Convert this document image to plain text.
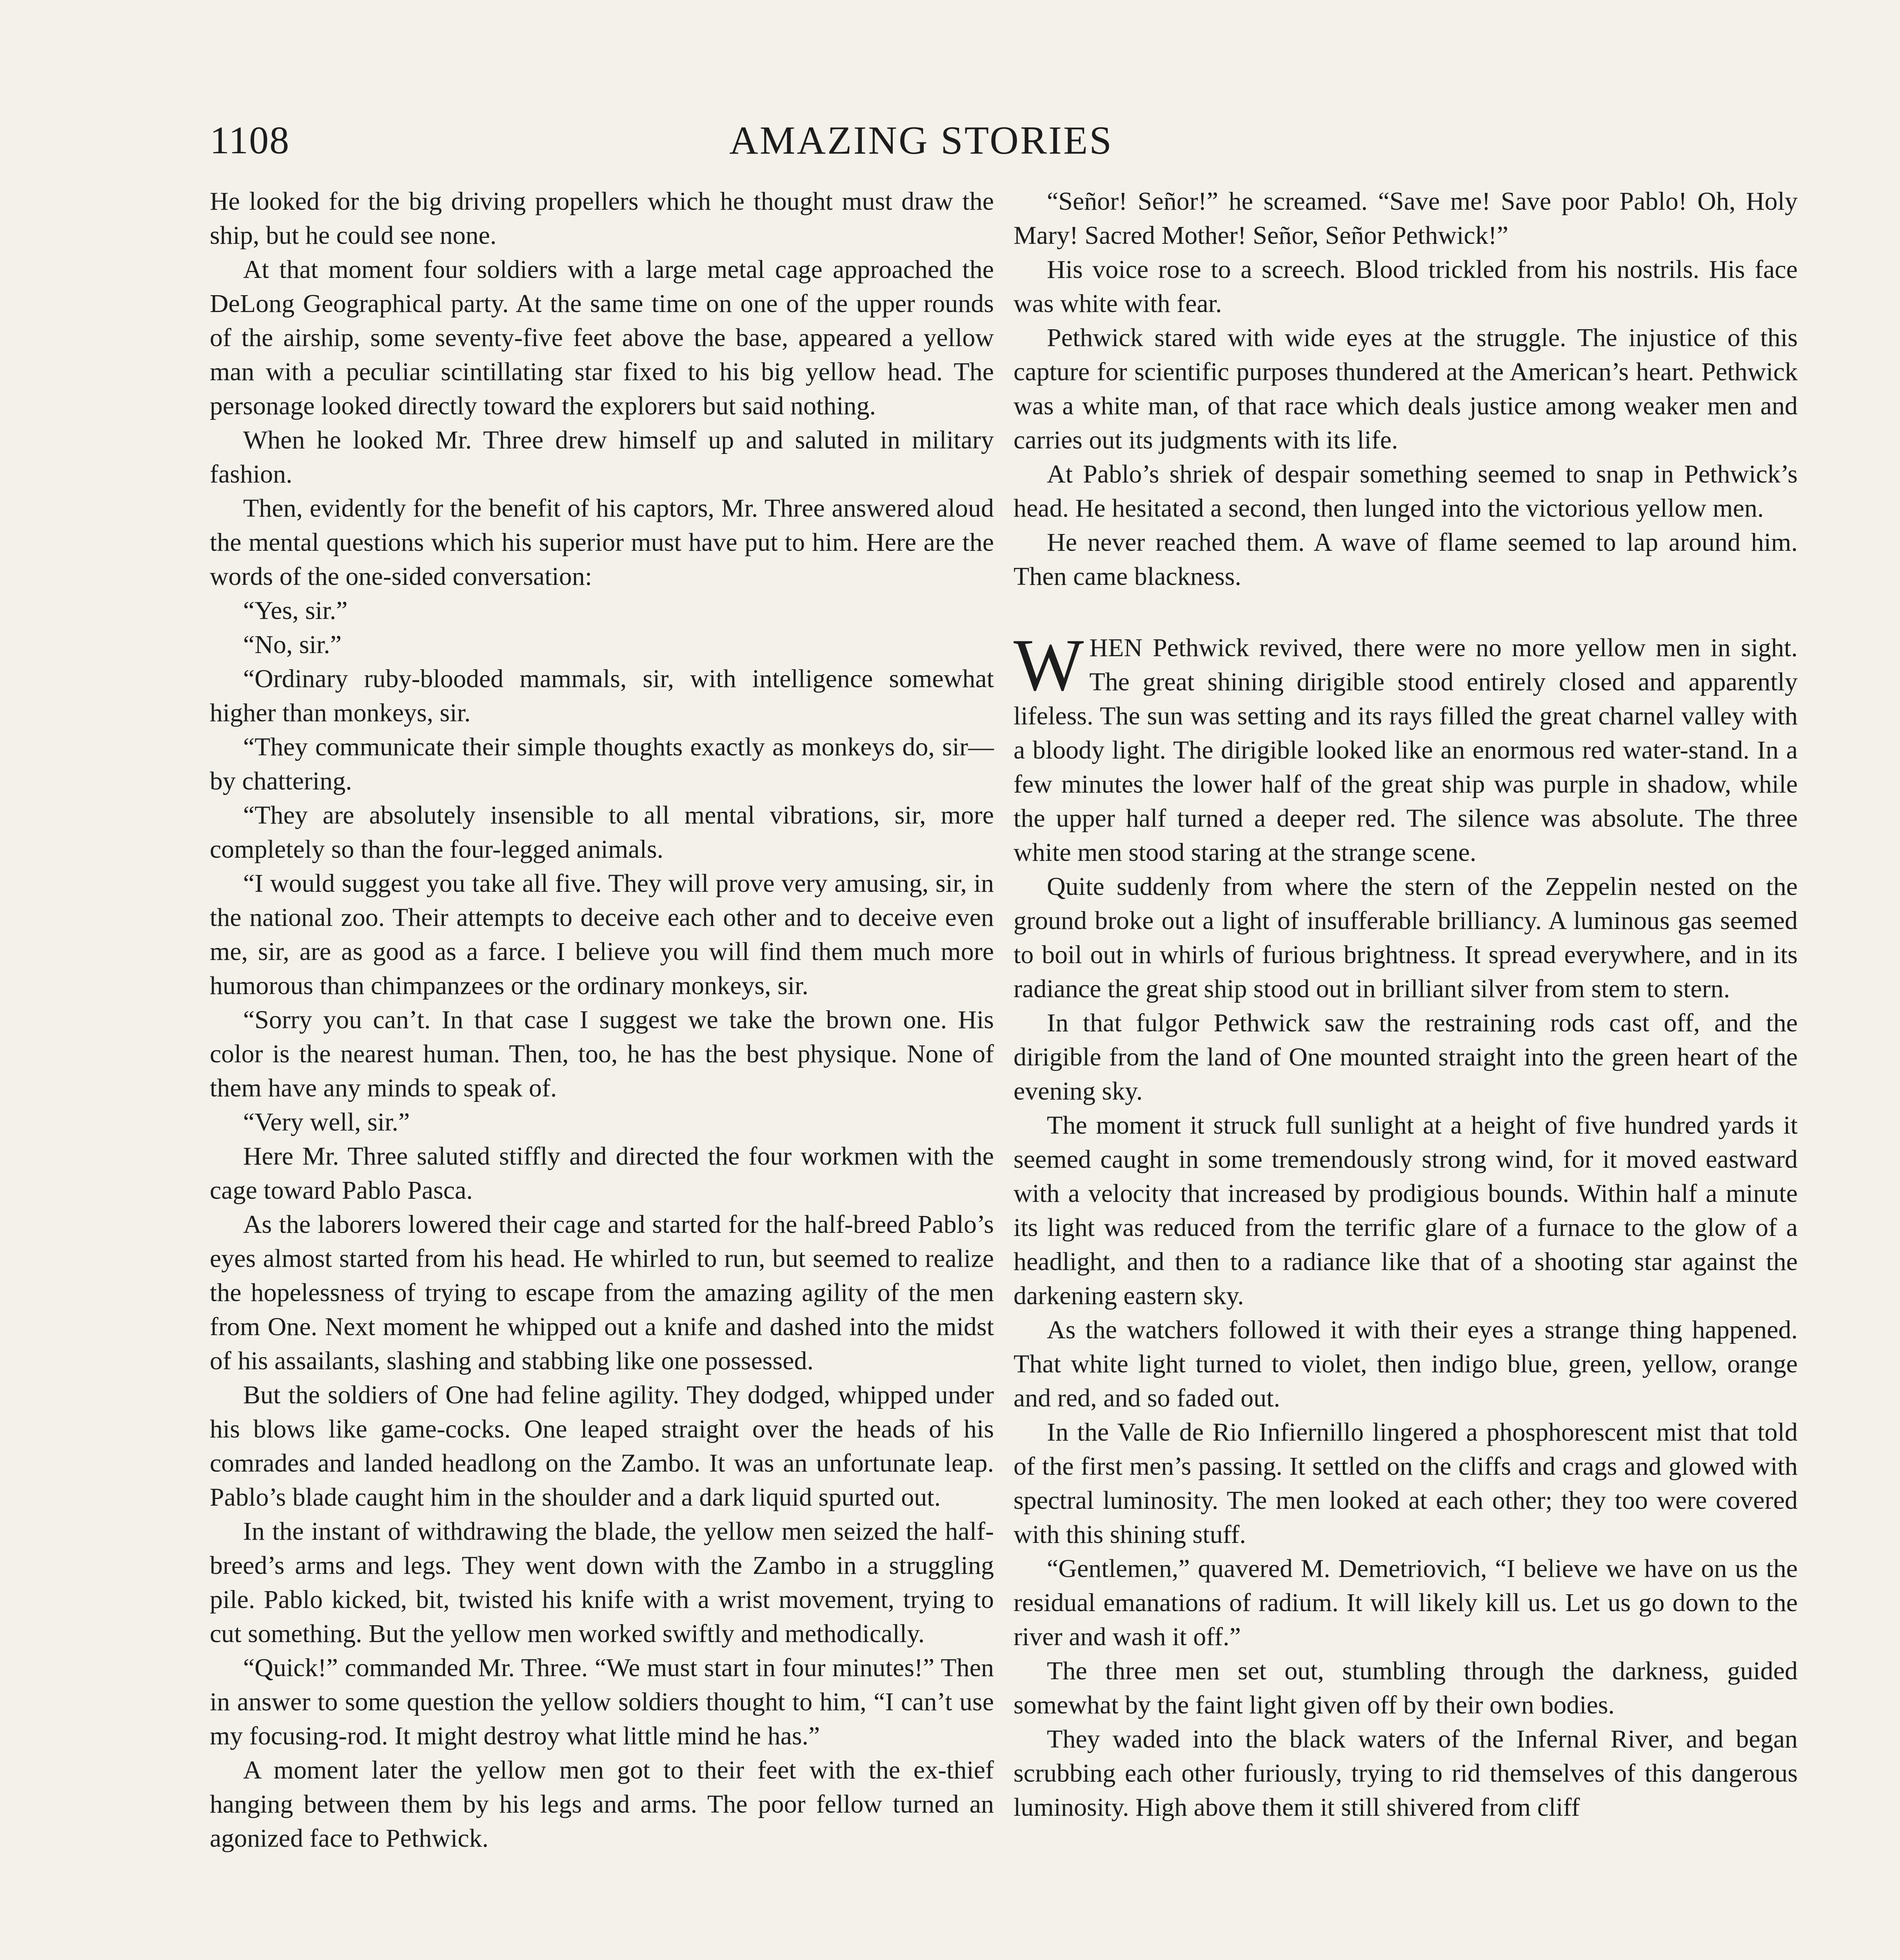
1108	AMAZING STORIES

He looked for the big driving propellers which he thought must draw the ship, but he could see none.

At that moment four soldiers with a large metal cage approached the DeLong Geographical party. At the same time on one of the upper rounds of the airship, some seventy-five feet above the base, appeared a yellow man with a peculiar scintillating star fixed to his big yellow head. The personage looked directly toward the explorers but said nothing.

When he looked Mr. Three drew himself up and saluted in military fashion.

Then, evidently for the benefit of his captors, Mr. Three answered aloud the mental questions which his superior must have put to him. Here are the words of the one-sided conversation:

“Yes, sir.”

“No, sir.”

“Ordinary ruby-blooded mammals, sir, with intelligence somewhat higher than monkeys, sir.

“They communicate their simple thoughts exactly as monkeys do, sir—by chattering.

“They are absolutely insensible to all mental vibrations, sir, more completely so than the four-legged animals.

“I would suggest you take all five. They will prove very amusing, sir, in the national zoo. Their attempts to deceive each other and to deceive even me, sir, are as good as a farce. I believe you will find them much more humorous than chimpanzees or the ordinary monkeys, sir.

“Sorry you can’t. In that case I suggest we take the brown one. His color is the nearest human. Then, too, he has the best physique. None of them have any minds to speak of.

“Very well, sir.”

Here Mr. Three saluted stiffly and directed the four workmen with the cage toward Pablo Pasca.

As the laborers lowered their cage and started for the half-breed Pablo’s eyes almost started from his head. He whirled to run, but seemed to realize the hopelessness of trying to escape from the amazing agility of the men from One. Next moment he whipped out a knife and dashed into the midst of his assailants, slashing and stabbing like one possessed.

But the soldiers of One had feline agility. They dodged, whipped under his blows like game-cocks. One leaped straight over the heads of his comrades and landed headlong on the Zambo. It was an unfortunate leap. Pablo’s blade caught him in the shoulder and a dark liquid spurted out.

In the instant of withdrawing the blade, the yellow men seized the half-breed’s arms and legs. They went down with the Zambo in a struggling pile. Pablo kicked, bit, twisted his knife with a wrist movement, trying to cut something. But the yellow men worked swiftly and methodically.

“Quick!” commanded Mr. Three. “We must start in four minutes!” Then in answer to some question the yellow soldiers thought to him, “I can’t use my focusing-rod. It might destroy what little mind he has.”

A moment later the yellow men got to their feet with the ex-thief hanging between them by his legs and arms. The poor fellow turned an agonized face to Pethwick.

“Señor! Señor!” he screamed. “Save me! Save poor Pablo! Oh, Holy Mary! Sacred Mother! Señor, Señor Pethwick!”

His voice rose to a screech. Blood trickled from his nostrils. His face was white with fear.

Pethwick stared with wide eyes at the struggle. The injustice of this capture for scientific purposes thundered at the American’s heart. Pethwick was a white man, of that race which deals justice among weaker men and carries out its judgments with its life.

At Pablo’s shriek of despair something seemed to snap in Pethwick’s head. He hesitated a second, then lunged into the victorious yellow men.

He never reached them. A wave of flame seemed to lap around him. Then came blackness.

WHEN Pethwick revived, there were no more yellow men in sight. The great shining dirigible stood entirely closed and apparently lifeless. The sun was setting and its rays filled the great charnel valley with a bloody light. The dirigible looked like an enormous red water-stand. In a few minutes the lower half of the great ship was purple in shadow, while the upper half turned a deeper red. The silence was absolute. The three white men stood staring at the strange scene.

Quite suddenly from where the stern of the Zeppelin nested on the ground broke out a light of insufferable brilliancy. A luminous gas seemed to boil out in whirls of furious brightness. It spread everywhere, and in its radiance the great ship stood out in brilliant silver from stem to stern.

In that fulgor Pethwick saw the restraining rods cast off, and the dirigible from the land of One mounted straight into the green heart of the evening sky.

The moment it struck full sunlight at a height of five hundred yards it seemed caught in some tremendously strong wind, for it moved eastward with a velocity that increased by prodigious bounds. Within half a minute its light was reduced from the terrific glare of a furnace to the glow of a headlight, and then to a radiance like that of a shooting star against the darkening eastern sky.

As the watchers followed it with their eyes a strange thing happened. That white light turned to violet, then indigo blue, green, yellow, orange and red, and so faded out.

In the Valle de Rio Infiernillo lingered a phosphorescent mist that told of the first men’s passing. It settled on the cliffs and crags and glowed with spectral luminosity. The men looked at each other; they too were covered with this shining stuff.

“Gentlemen,” quavered M. Demetriovich, “I believe we have on us the residual emanations of radium. It will likely kill us. Let us go down to the river and wash it off.”

The three men set out, stumbling through the darkness, guided somewhat by the faint light given off by their own bodies.

They waded into the black waters of the Infernal River, and began scrubbing each other furiously, trying to rid themselves of this dangerous luminosity. High above them it still shivered from cliff
